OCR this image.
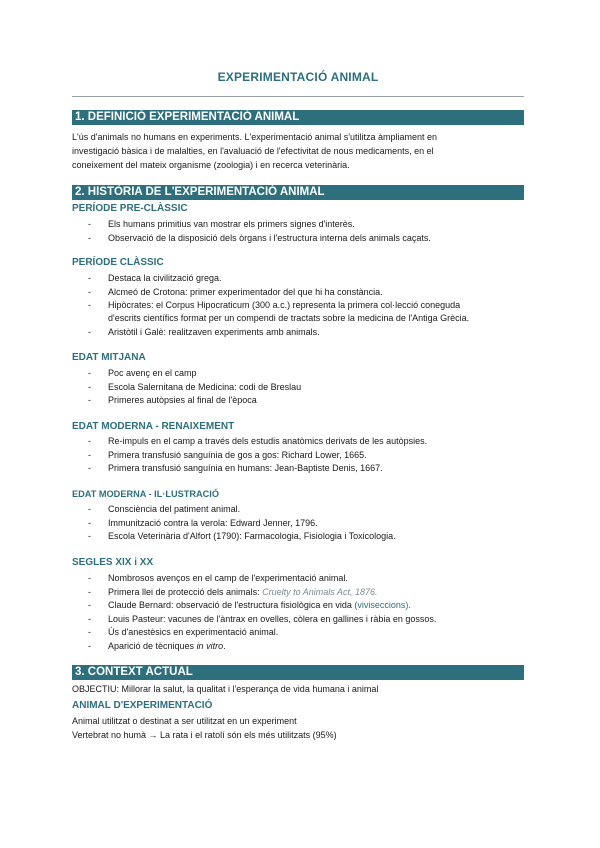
EXPERIMENTACIÓ ANIMAL
1. DEFINICIÓ EXPERIMENTACIÓ ANIMAL
L'ús d'animals no humans en experiments. L'experimentació animal s'utilitza àmpliament en
investigació bàsica i de malalties, en l'avaluació de l'efectivitat de nous medicaments, en el
coneixement del mateix organisme (zoologia) i en recerca veterinària.
2. HISTÒRIA DE L'EXPERIMENTACIÓ ANIMAL
PERÍODE PRE-CLÀSSIC
- Els humans primitius van mostrar els primers signes d'interès.
- Observació de la disposició dels òrgans i l'estructura interna dels animals caçats.
PERÍODE CLÀSSIC
- Destaca la civilització grega.
- Alcmeó de Crotona: primer experimentador del que hi ha constància.
- Hipòcrates: el Corpus Hipocraticum (300 a.c.) representa la primera col·lecció coneguda
d'escrits científics format per un compendi de tractats sobre la medicina de l'Antiga Grècia.
- Aristòtil i Galè: realitzaven experiments amb animals.
EDAT MITJANA
- Poc avenç en el camp
- Escola Salernitana de Medicina: codi de Breslau
- Primeres autòpsies al final de l'època
EDAT MODERNA - RENAIXEMENT
- Re-impuls en el camp a través dels estudis anatòmics derivats de les autòpsies.
- Primera transfusió sanguínia de gos a gos: Richard Lower, 1665.
- Primera transfusió sanguínia en humans: Jean-Baptiste Denis, 1667.
EDAT MODERNA - IL·LUSTRACIÓ
- Consciència del patiment animal.
- Immunització contra la verola: Edward Jenner, 1796.
- Escola Veterinària d'Alfort (1790): Farmacologia, Fisiologia i Toxicologia.
SEGLES XIX i XX
- Nombrosos avenços en el camp de l'experimentació animal.
- Primera llei de protecció dels animals: Cruelty to Animals Act, 1876.
- Claude Bernard: observació de l'estructura fisiològica en vida (viviseccions).
- Louis Pasteur: vacunes de l'àntrax en ovelles, còlera en gallines i ràbia en gossos.
- Ús d'anestèsics en experimentació animal.
- Aparició de tècniques in vitro.
3. CONTEXT ACTUAL
OBJECTIU: Millorar la salut, la qualitat i l'esperança de vida humana i animal
ANIMAL D'EXPERIMENTACIÓ
Animal utilitzat o destinat a ser utilitzat en un experiment
Vertebrat no humà → La rata i el ratolí són els més utilitzats (95%)
